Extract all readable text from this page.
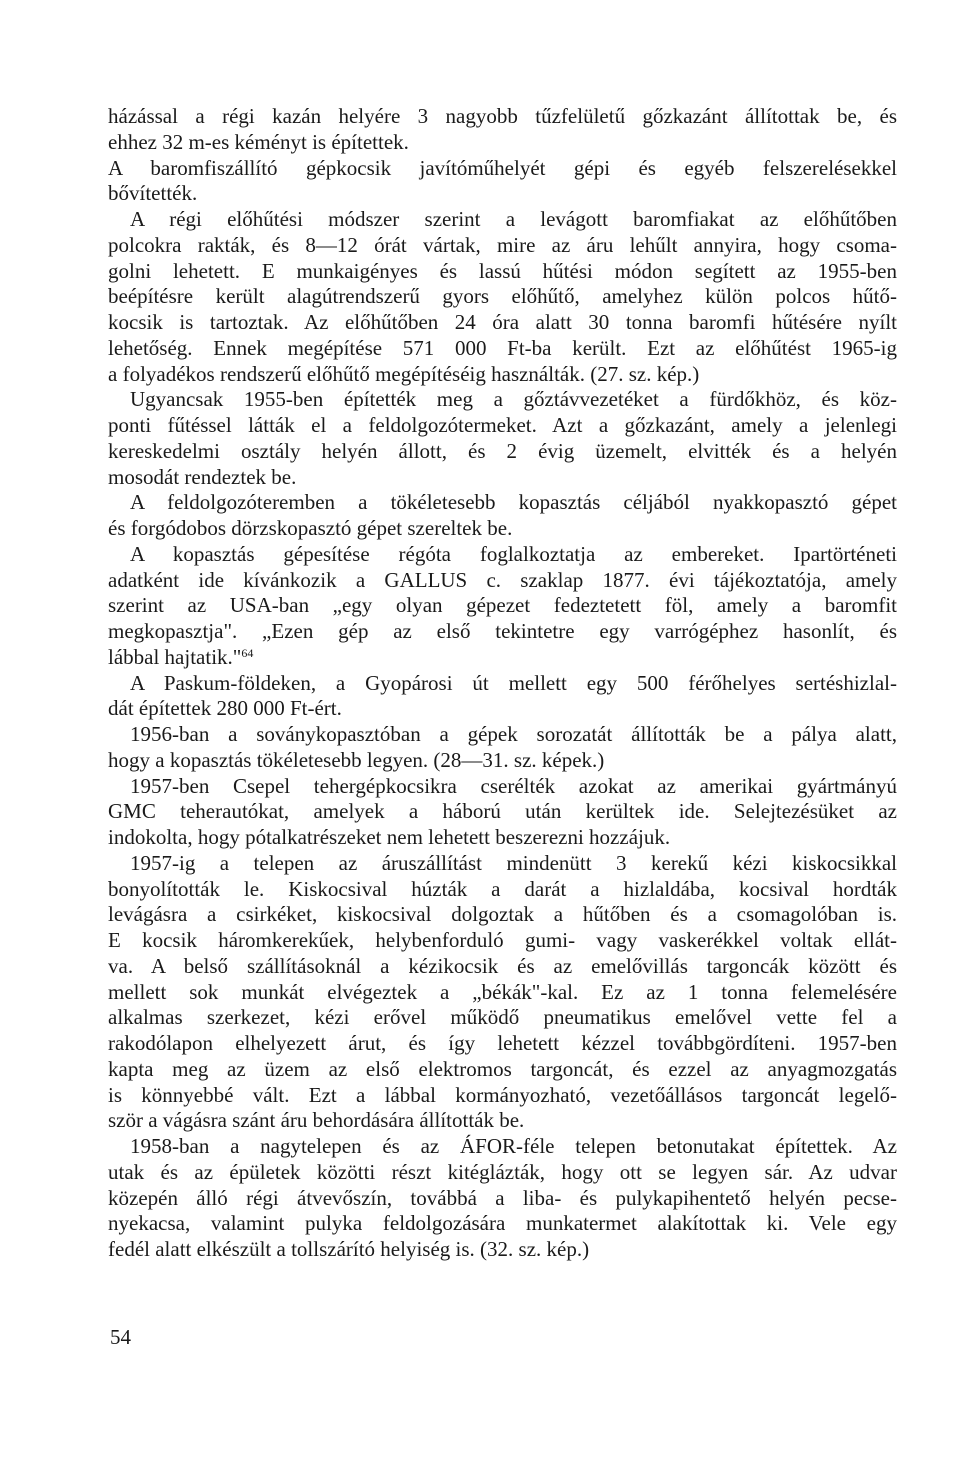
házással a régi kazán helyére 3 nagyobb tűzfelületű gőzkazánt állítottak be, és
ehhez 32 m-es kéményt is építettek.
A baromfiszállító gépkocsik javítóműhelyét gépi és egyéb felszerelésekkel
bővítették.
A régi előhűtési módszer szerint a levágott baromfiakat az előhűtőben
polcokra rakták, és 8—12 órát vártak, mire az áru lehűlt annyira, hogy csoma-
golni lehetett. E munkaigényes és lassú hűtési módon segített az 1955-ben
beépítésre került alagútrendszerű gyors előhűtő, amelyhez külön polcos hűtő-
kocsik is tartoztak. Az előhűtőben 24 óra alatt 30 tonna baromfi hűtésére nyílt
lehetőség. Ennek megépítése 571 000 Ft-ba került. Ezt az előhűtést 1965-ig
a folyadékos rendszerű előhűtő megépítéséig használták. (27. sz. kép.)
Ugyancsak 1955-ben építették meg a gőztávvezetéket a fürdőkhöz, és köz-
ponti fűtéssel látták el a feldolgozótermeket. Azt a gőzkazánt, amely a jelenlegi
kereskedelmi osztály helyén állott, és 2 évig üzemelt, elvitték és a helyén
mosodát rendeztek be.
A feldolgozóteremben a tökéletesebb kopasztás céljából nyakkopasztó gépet
és forgódobos dörzskopasztó gépet szereltek be.
A kopasztás gépesítése régóta foglalkoztatja az embereket. Ipartörténeti
adatként ide kívánkozik a GALLUS c. szaklap 1877. évi tájékoztatója, amely
szerint az USA-ban „egy olyan gépezet fedeztetett föl, amely a baromfit
megkopasztja". „Ezen gép az első tekintetre egy varrógéphez hasonlít, és
lábbal hajtatik."$^{64}$
A Paskum-földeken, a Gyopárosi út mellett egy 500 férőhelyes sertéshizlal-
dát építettek 280 000 Ft-ért.
1956-ban a soványkopasztóban a gépek sorozatát állították be a pálya alatt,
hogy a kopasztás tökéletesebb legyen. (28—31. sz. képek.)
1957-ben Csepel tehergépkocsikra cserélték azokat az amerikai gyártmányú
GMC teherautókat, amelyek a háború után kerültek ide. Selejtezésüket az
indokolta, hogy pótalkatrészeket nem lehetett beszerezni hozzájuk.
1957-ig a telepen az áruszállítást mindenütt 3 kerekű kézi kiskocsikkal
bonyolították le. Kiskocsival húzták a darát a hizlaldába, kocsival hordták
levágásra a csirkéket, kiskocsival dolgoztak a hűtőben és a csomagolóban is.
E kocsik háromkerekűek, helybenforduló gumi- vagy vaskerékkel voltak ellát-
va. A belső szállításoknál a kézikocsik és az emelővillás targoncák között és
mellett sok munkát elvégeztek a „békák"-kal. Ez az 1 tonna felemelésére
alkalmas szerkezet, kézi erővel működő pneumatikus emelővel vette fel a
rakodólapon elhelyezett árut, és így lehetett kézzel továbbgördíteni. 1957-ben
kapta meg az üzem az első elektromos targoncát, és ezzel az anyagmozgatás
is könnyebbé vált. Ezt a lábbal kormányozható, vezetőállásos targoncát legelő-
ször a vágásra szánt áru behordására állították be.
1958-ban a nagytelepen és az ÁFOR-féle telepen betonutakat építettek. Az
utak és az épületek közötti részt kitéglázták, hogy ott se legyen sár. Az udvar
közepén álló régi átvevőszín, továbbá a liba- és pulykapihentető helyén pecse-
nyekacsa, valamint pulyka feldolgozására munkatermet alakítottak ki. Vele egy
fedél alatt elkészült a tollszárító helyiség is. (32. sz. kép.)
54
